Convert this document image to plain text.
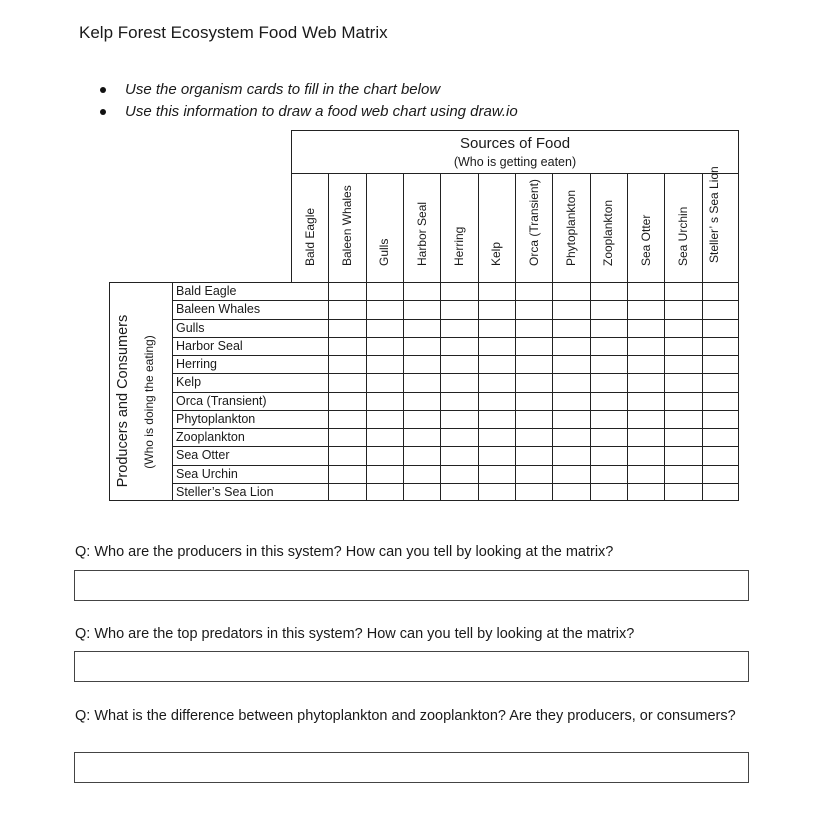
Kelp Forest Ecosystem Food Web Matrix
Use the organism cards to fill in the chart below
Use this information to draw a food web chart using draw.io
Sources of Food
(Who is getting eaten)
Bald Eagle Baleen Whales Gulls Harbor Seal Herring Kelp Orca (Transient) Phytoplankton Zooplankton Sea Otter Sea Urchin Steller’ s Sea Lion
Bald Eagle
Baleen Whales
Gulls
Harbor Seal
Herring
Kelp
Orca (Transient)
Phytoplankton
Zooplankton
Sea Otter
Sea Urchin
Steller’s Sea Lion
Producers and Consumers (Who is doing the eating)
Q: Who are the producers in this system? How can you tell by looking at the matrix?
Q: Who are the top predators in this system? How can you tell by looking at the matrix?
Q: What is the difference between phytoplankton and zooplankton? Are they producers, or consumers?
